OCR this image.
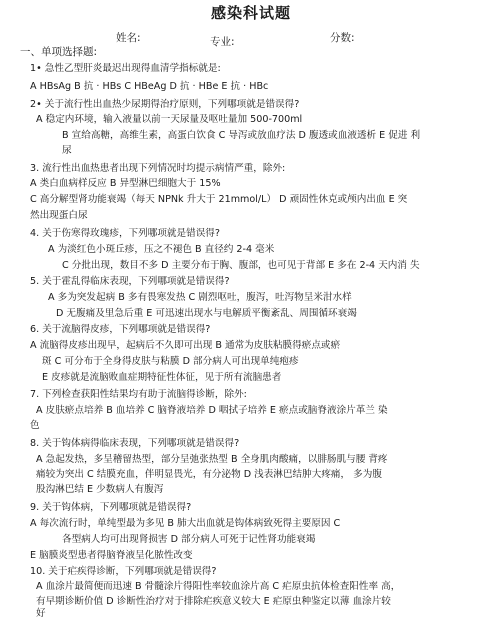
感染科试题
姓名:	专业:	分数:
一、单项选择题:
1• 急性乙型肝炎最迟出现得血清学指标就是:
A HBsAg B 抗 · HBs C HBeAg D 抗 · HBe E 抗 · HBc
2• 关于流行性出血热少尿期得治疗原则，下列哪项就是错误得?
A 稳定内环境，输入液量以前一天尿量及呕吐量加 500-700ml
B 宣给高糖，高维生素，高蛋白饮食 C 导泻或放血疗法 D 腹透或血液透析 E 促进 利
尿
3. 流行性出血热患者出现下列情况时均提示病情严重，除外:
A 类白血病样反应 B 异型淋巴细胞大于 15%
C 高分解型肾功能衰竭（每天 NPNk 升大于 21mmol/L） D 顽固性休克或颅内出血 E 突
然出现蛋白尿
4. 关于伤寒得玫瑰疹，下列哪项就是错误得?
A 为淡红色小斑丘疹，压之不褪色 B 直径约 2-4 毫米
C 分批出现，数目不多 D 主要分布于胸、腹部，也可见于背部 E 多在 2-4 天内消 失
5. 关于霍乱得临床表现，下列哪项就是错误得?
A 多为突发起病 B 多有畏寒发热 C 剧烈呕吐，腹泻，吐泻物呈米泔水样
D 无腹痛及里急后重 E 可迅速出现水与电解质平衡紊乱、周围循环衰竭
6. 关于流脑得皮疹，下列哪项就是错误得?
A 流脑得皮疹出现早，起病后不久即可出现 B 通常为皮肤粘膜得瘀点或瘀
斑 C 可分布于全身得皮肤与粘膜 D 部分病人可出现单纯疱疹
E 皮疹就是流脑败血症期特征性体征，见于所有流脑患者
7. 下列检查获阳性结果均有助于流脑得诊断，除外:
A 皮肤瘀点培养 B 血培养 C 脑脊液培养 D 咽拭子培养 E 瘀点或脑脊液涂片革兰 染
色
8. 关于钩体病得临床表现，下列哪项就是错误得?
A 急起发热，多呈稽留热型，部分呈弛张热型 B 全身肌肉酸痛，以腓肠肌与腰 背疼
痛较为突出 C 结膜充血，伴明显畏光，有分泌物 D 浅表淋巴结肿大疼痛， 多为腹
股沟淋巴结 E 少数病人有腹泻
9. 关于钩体病，下列哪项就是错误得?
A 每次流行时，单纯型最为多见 B 肺大出血就是钩体病致死得主要原因 C
各型病人均可出现肾损害 D 部分病人可死于记性肾功能衰竭
E 脑膜炎型患者得脑脊液呈化脓性改变
10. 关于疟疾得诊断，下列哪项就是错误得?
A 血涂片最简便而迅速 B 骨髓涂片得阳性率较血涂片高 C 疟原虫抗体检查阳性率 高，
有早期诊断价值 D 诊断性治疗对于排除疟疾意义较大 E 疟原虫种鉴定以薄 血涂片较
好
